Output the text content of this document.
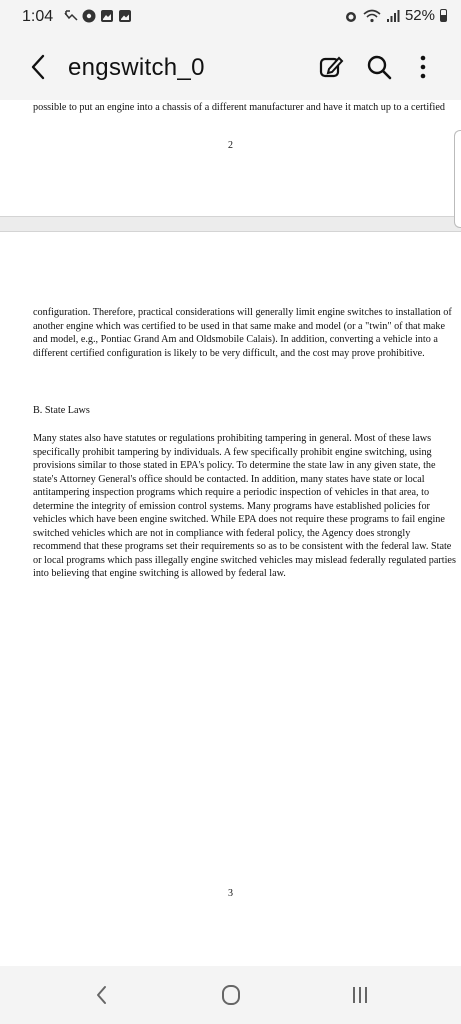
1:04	52%
engswitch_0
possible to put an engine into a chassis of a different manufacturer and have it match up to a certified
2
configuration. Therefore, practical considerations will generally limit engine switches to installation of
another engine which was certified to be used in that same make and model (or a "twin" of that make
and model, e.g., Pontiac Grand Am and Oldsmobile Calais). In addition, converting a vehicle into a
different certified configuration is likely to be very difficult, and the cost may prove prohibitive.
B. State Laws
Many states also have statutes or regulations prohibiting tampering in general. Most of these laws
specifically prohibit tampering by individuals. A few specifically prohibit engine switching, using
provisions similar to those stated in EPA's policy. To determine the state law in any given state, the
state's Attorney General's office should be contacted. In addition, many states have state or local
antitampering inspection programs which require a periodic inspection of vehicles in that area, to
determine the integrity of emission control systems. Many programs have established policies for
vehicles which have been engine switched. While EPA does not require these programs to fail engine
switched vehicles which are not in compliance with federal policy, the Agency does strongly
recommend that these programs set their requirements so as to be consistent with the federal law. State
or local programs which pass illegally engine switched vehicles may mislead federally regulated parties
into believing that engine switching is allowed by federal law.
3
